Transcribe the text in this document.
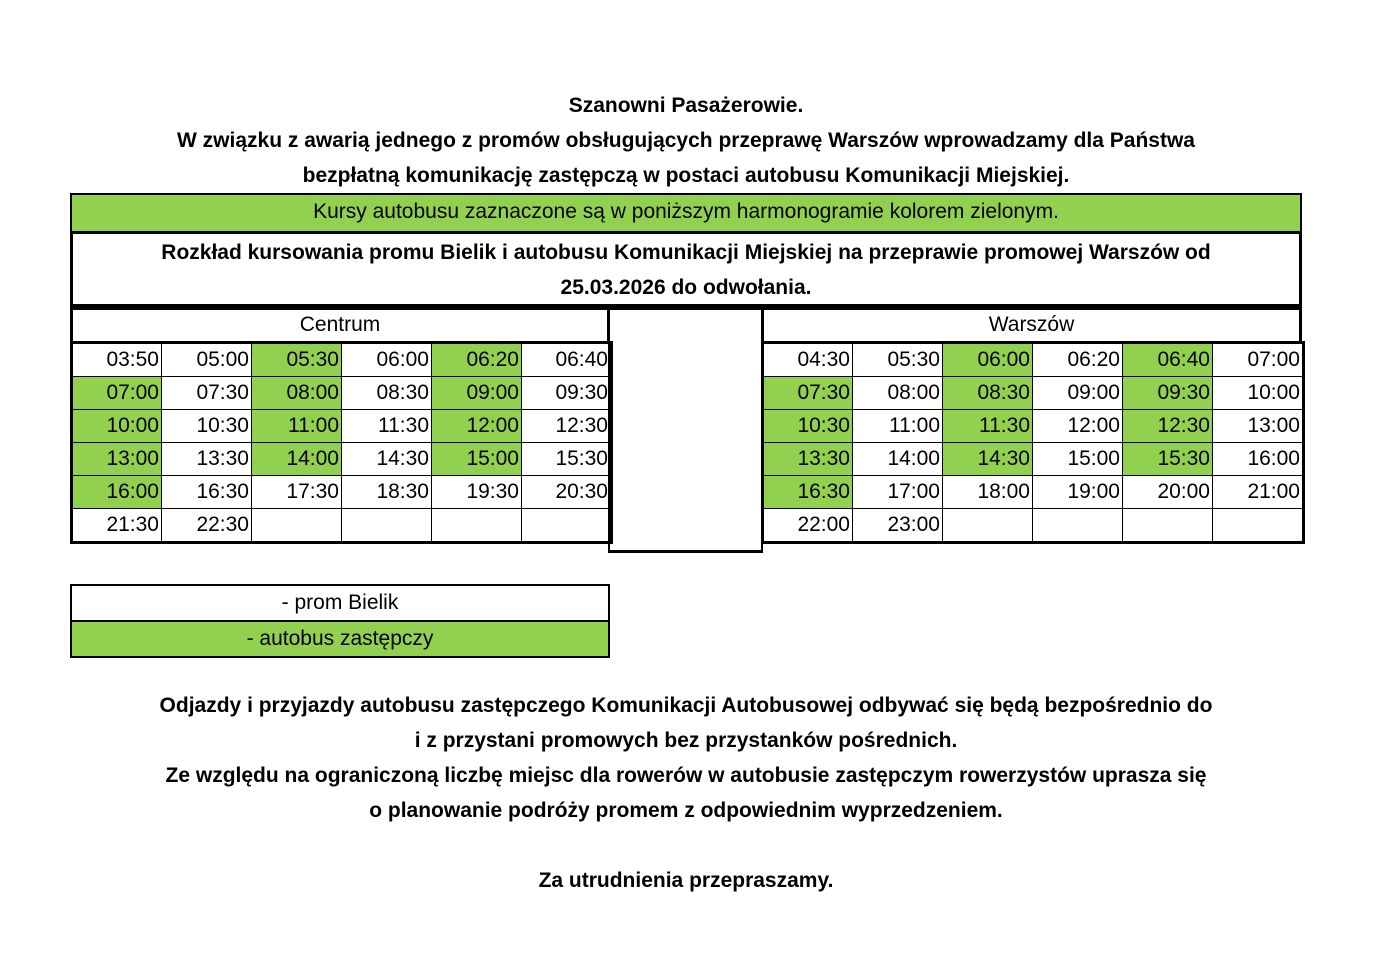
Szanowni Pasażerowie.
W związku z awarią jednego z promów obsługujących przeprawę Warszów wprowadzamy dla Państwa
bezpłatną komunikację zastępczą w postaci autobusu Komunikacji Miejskiej.
Kursy autobusu zaznaczone są w poniższym harmonogramie kolorem zielonym.
Rozkład kursowania promu Bielik i autobusu Komunikacji Miejskiej na przeprawie promowej Warszów od
25.03.2026 do odwołania.
Centrum	Warszów
03:50	05:00	05:30	06:00	06:20	06:40
07:00	07:30	08:00	08:30	09:00	09:30
10:00	10:30	11:00	11:30	12:00	12:30
13:00	13:30	14:00	14:30	15:00	15:30
16:00	16:30	17:30	18:30	19:30	20:30
21:30	22:30				
04:30	05:30	06:00	06:20	06:40	07:00
07:30	08:00	08:30	09:00	09:30	10:00
10:30	11:00	11:30	12:00	12:30	13:00
13:30	14:00	14:30	15:00	15:30	16:00
16:30	17:00	18:00	19:00	20:00	21:00
22:00	23:00				
- prom Bielik
- autobus zastępczy
Odjazdy i przyjazdy autobusu zastępczego Komunikacji Autobusowej odbywać się będą bezpośrednio do
i z przystani promowych bez przystanków pośrednich.
Ze względu na ograniczoną liczbę miejsc dla rowerów w autobusie zastępczym rowerzystów uprasza się
o planowanie podróży promem z odpowiednim wyprzedzeniem.
Za utrudnienia przepraszamy.
